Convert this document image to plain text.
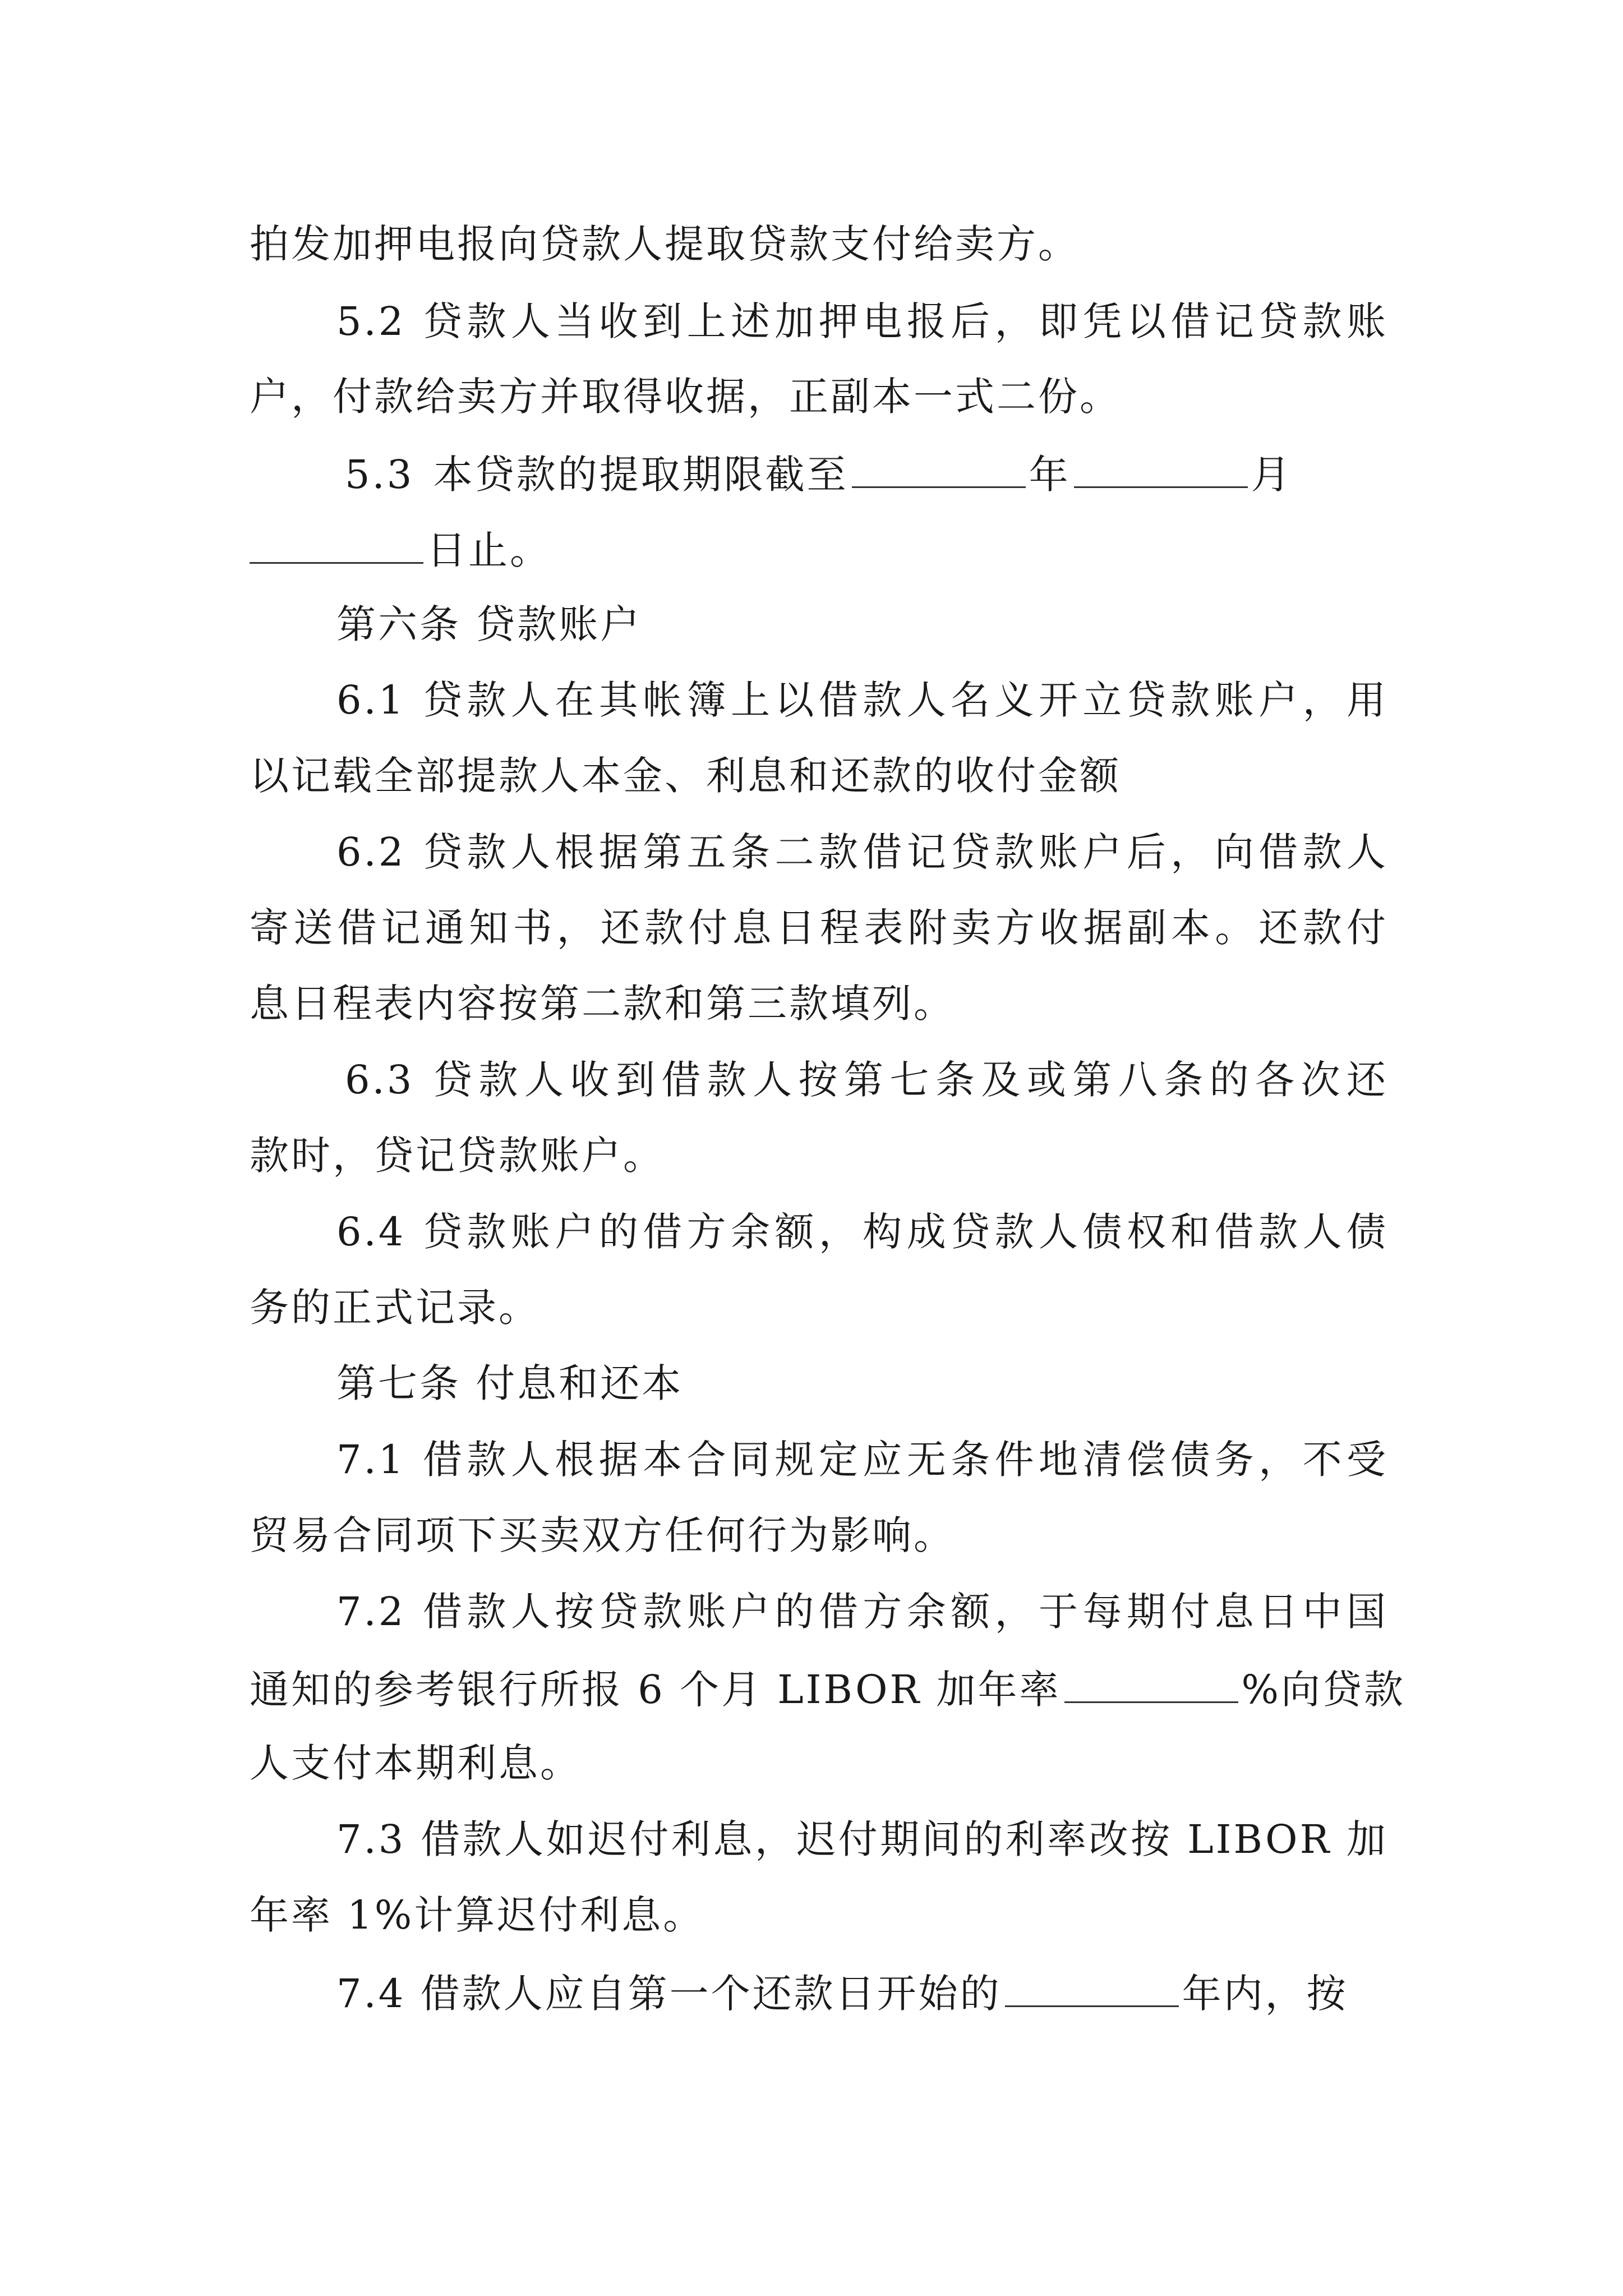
拍发加押电报向贷款人提取贷款支付给卖方。
5.2 贷款人当收到上述加押电报后，即凭以借记贷款账
户，付款给卖方并取得收据，正副本一式二份。
5.3 本贷款的提取期限截至	年	月
日止。
第六条 贷款账户
6.1 贷款人在其帐簿上以借款人名义开立贷款账户，用
以记载全部提款人本金、利息和还款的收付金额
6.2 贷款人根据第五条二款借记贷款账户后，向借款人
寄送借记通知书，还款付息日程表附卖方收据副本。还款付
息日程表内容按第二款和第三款填列。
6.3 贷款人收到借款人按第七条及或第八条的各次还
款时，贷记贷款账户。
6.4 贷款账户的借方余额，构成贷款人债权和借款人债
务的正式记录。
第七条 付息和还本
7.1 借款人根据本合同规定应无条件地清偿债务，不受
贸易合同项下买卖双方任何行为影响。
7.2 借款人按贷款账户的借方余额，于每期付息日中国
通知的参考银行所报 6 个月 LIBOR 加年率	%向贷款
人支付本期利息。
7.3 借款人如迟付利息，迟付期间的利率改按 LIBOR 加
年率 1%计算迟付利息。
7.4 借款人应自第一个还款日开始的	年内，按
